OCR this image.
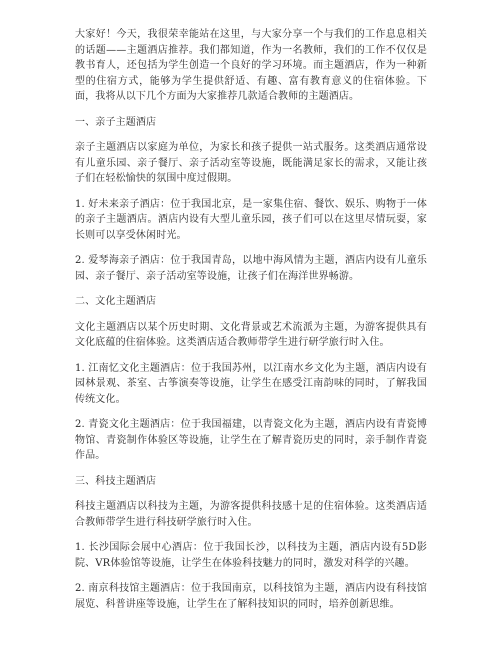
大家好！今天，我很荣幸能站在这里，与大家分享一个与我们的工作息息相关的话题——主题酒店推荐。我们都知道，作为一名教师，我们的工作不仅仅是教书育人，还包括为学生创造一个良好的学习环境。而主题酒店，作为一种新型的住宿方式，能够为学生提供舒适、有趣、富有教育意义的住宿体验。下面，我将从以下几个方面为大家推荐几款适合教师的主题酒店。

一、亲子主题酒店

亲子主题酒店以家庭为单位，为家长和孩子提供一站式服务。这类酒店通常设有儿童乐园、亲子餐厅、亲子活动室等设施，既能满足家长的需求，又能让孩子们在轻松愉快的氛围中度过假期。

1. 好未来亲子酒店：位于我国北京，是一家集住宿、餐饮、娱乐、购物于一体的亲子主题酒店。酒店内设有大型儿童乐园，孩子们可以在这里尽情玩耍，家长则可以享受休闲时光。

2. 爱琴海亲子酒店：位于我国青岛，以地中海风情为主题，酒店内设有儿童乐园、亲子餐厅、亲子活动室等设施，让孩子们在海洋世界畅游。

二、文化主题酒店

文化主题酒店以某个历史时期、文化背景或艺术流派为主题，为游客提供具有文化底蕴的住宿体验。这类酒店适合教师带学生进行研学旅行时入住。

1. 江南忆文化主题酒店：位于我国苏州，以江南水乡文化为主题，酒店内设有园林景观、茶室、古筝演奏等设施，让学生在感受江南韵味的同时，了解我国传统文化。

2. 青瓷文化主题酒店：位于我国福建，以青瓷文化为主题，酒店内设有青瓷博物馆、青瓷制作体验区等设施，让学生在了解青瓷历史的同时，亲手制作青瓷作品。

三、科技主题酒店

科技主题酒店以科技为主题，为游客提供科技感十足的住宿体验。这类酒店适合教师带学生进行科技研学旅行时入住。

1. 长沙国际会展中心酒店：位于我国长沙，以科技为主题，酒店内设有5D影院、VR体验馆等设施，让学生在体验科技魅力的同时，激发对科学的兴趣。

2. 南京科技馆主题酒店：位于我国南京，以科技馆为主题，酒店内设有科技馆展览、科普讲座等设施，让学生在了解科技知识的同时，培养创新思维。
